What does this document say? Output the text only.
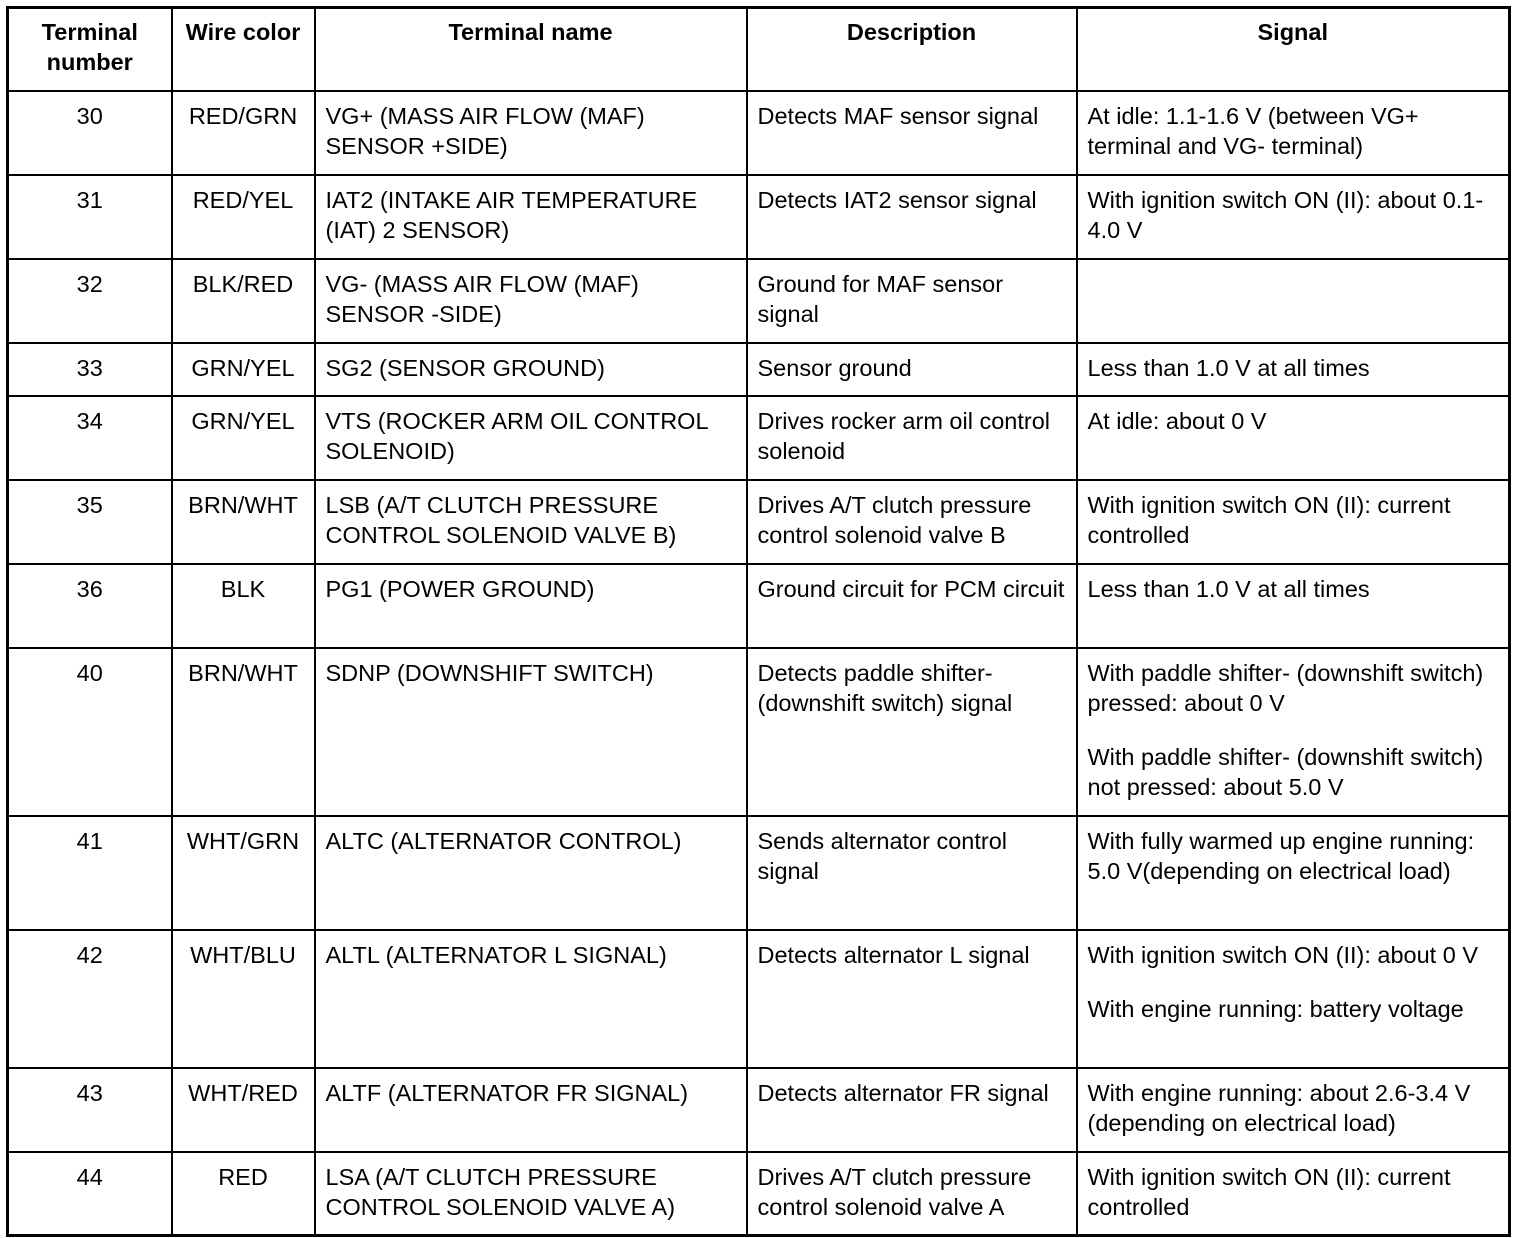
Terminal number	Wire color	Terminal name	Description	Signal
30	RED/GRN	VG+ (MASS AIR FLOW (MAF) SENSOR +SIDE)	Detects MAF sensor signal	At idle: 1.1-1.6 V (between VG+ terminal and VG- terminal)

31	RED/YEL	IAT2 (INTAKE AIR TEMPERATURE (IAT) 2 SENSOR)	Detects IAT2 sensor signal	With ignition switch ON (II): about 0.1-4.0 V

32	BLK/RED	VG- (MASS AIR FLOW (MAF) SENSOR -SIDE)	Ground for MAF sensor signal	

33	GRN/YEL	SG2 (SENSOR GROUND)	Sensor ground	Less than 1.0 V at all times

34	GRN/YEL	VTS (ROCKER ARM OIL CONTROL SOLENOID)	Drives rocker arm oil control solenoid	At idle: about 0 V

35	BRN/WHT	LSB (A/T CLUTCH PRESSURE CONTROL SOLENOID VALVE B)	Drives A/T clutch pressure control solenoid valve B	With ignition switch ON (II): current controlled

36	BLK	PG1 (POWER GROUND)	Ground circuit for PCM circuit	Less than 1.0 V at all times

40	BRN/WHT	SDNP (DOWNSHIFT SWITCH)	Detects paddle shifter- (downshift switch) signal	With paddle shifter- (downshift switch) pressed: about 0 V
With paddle shifter- (downshift switch) not pressed: about 5.0 V

41	WHT/GRN	ALTC (ALTERNATOR CONTROL)	Sends alternator control signal	With fully warmed up engine running: 5.0 V(depending on electrical load)

42	WHT/BLU	ALTL (ALTERNATOR L SIGNAL)	Detects alternator L signal	With ignition switch ON (II): about 0 V
With engine running: battery voltage

43	WHT/RED	ALTF (ALTERNATOR FR SIGNAL)	Detects alternator FR signal	With engine running: about 2.6-3.4 V (depending on electrical load)

44	RED	LSA (A/T CLUTCH PRESSURE CONTROL SOLENOID VALVE A)	Drives A/T clutch pressure control solenoid valve A	With ignition switch ON (II): current controlled
